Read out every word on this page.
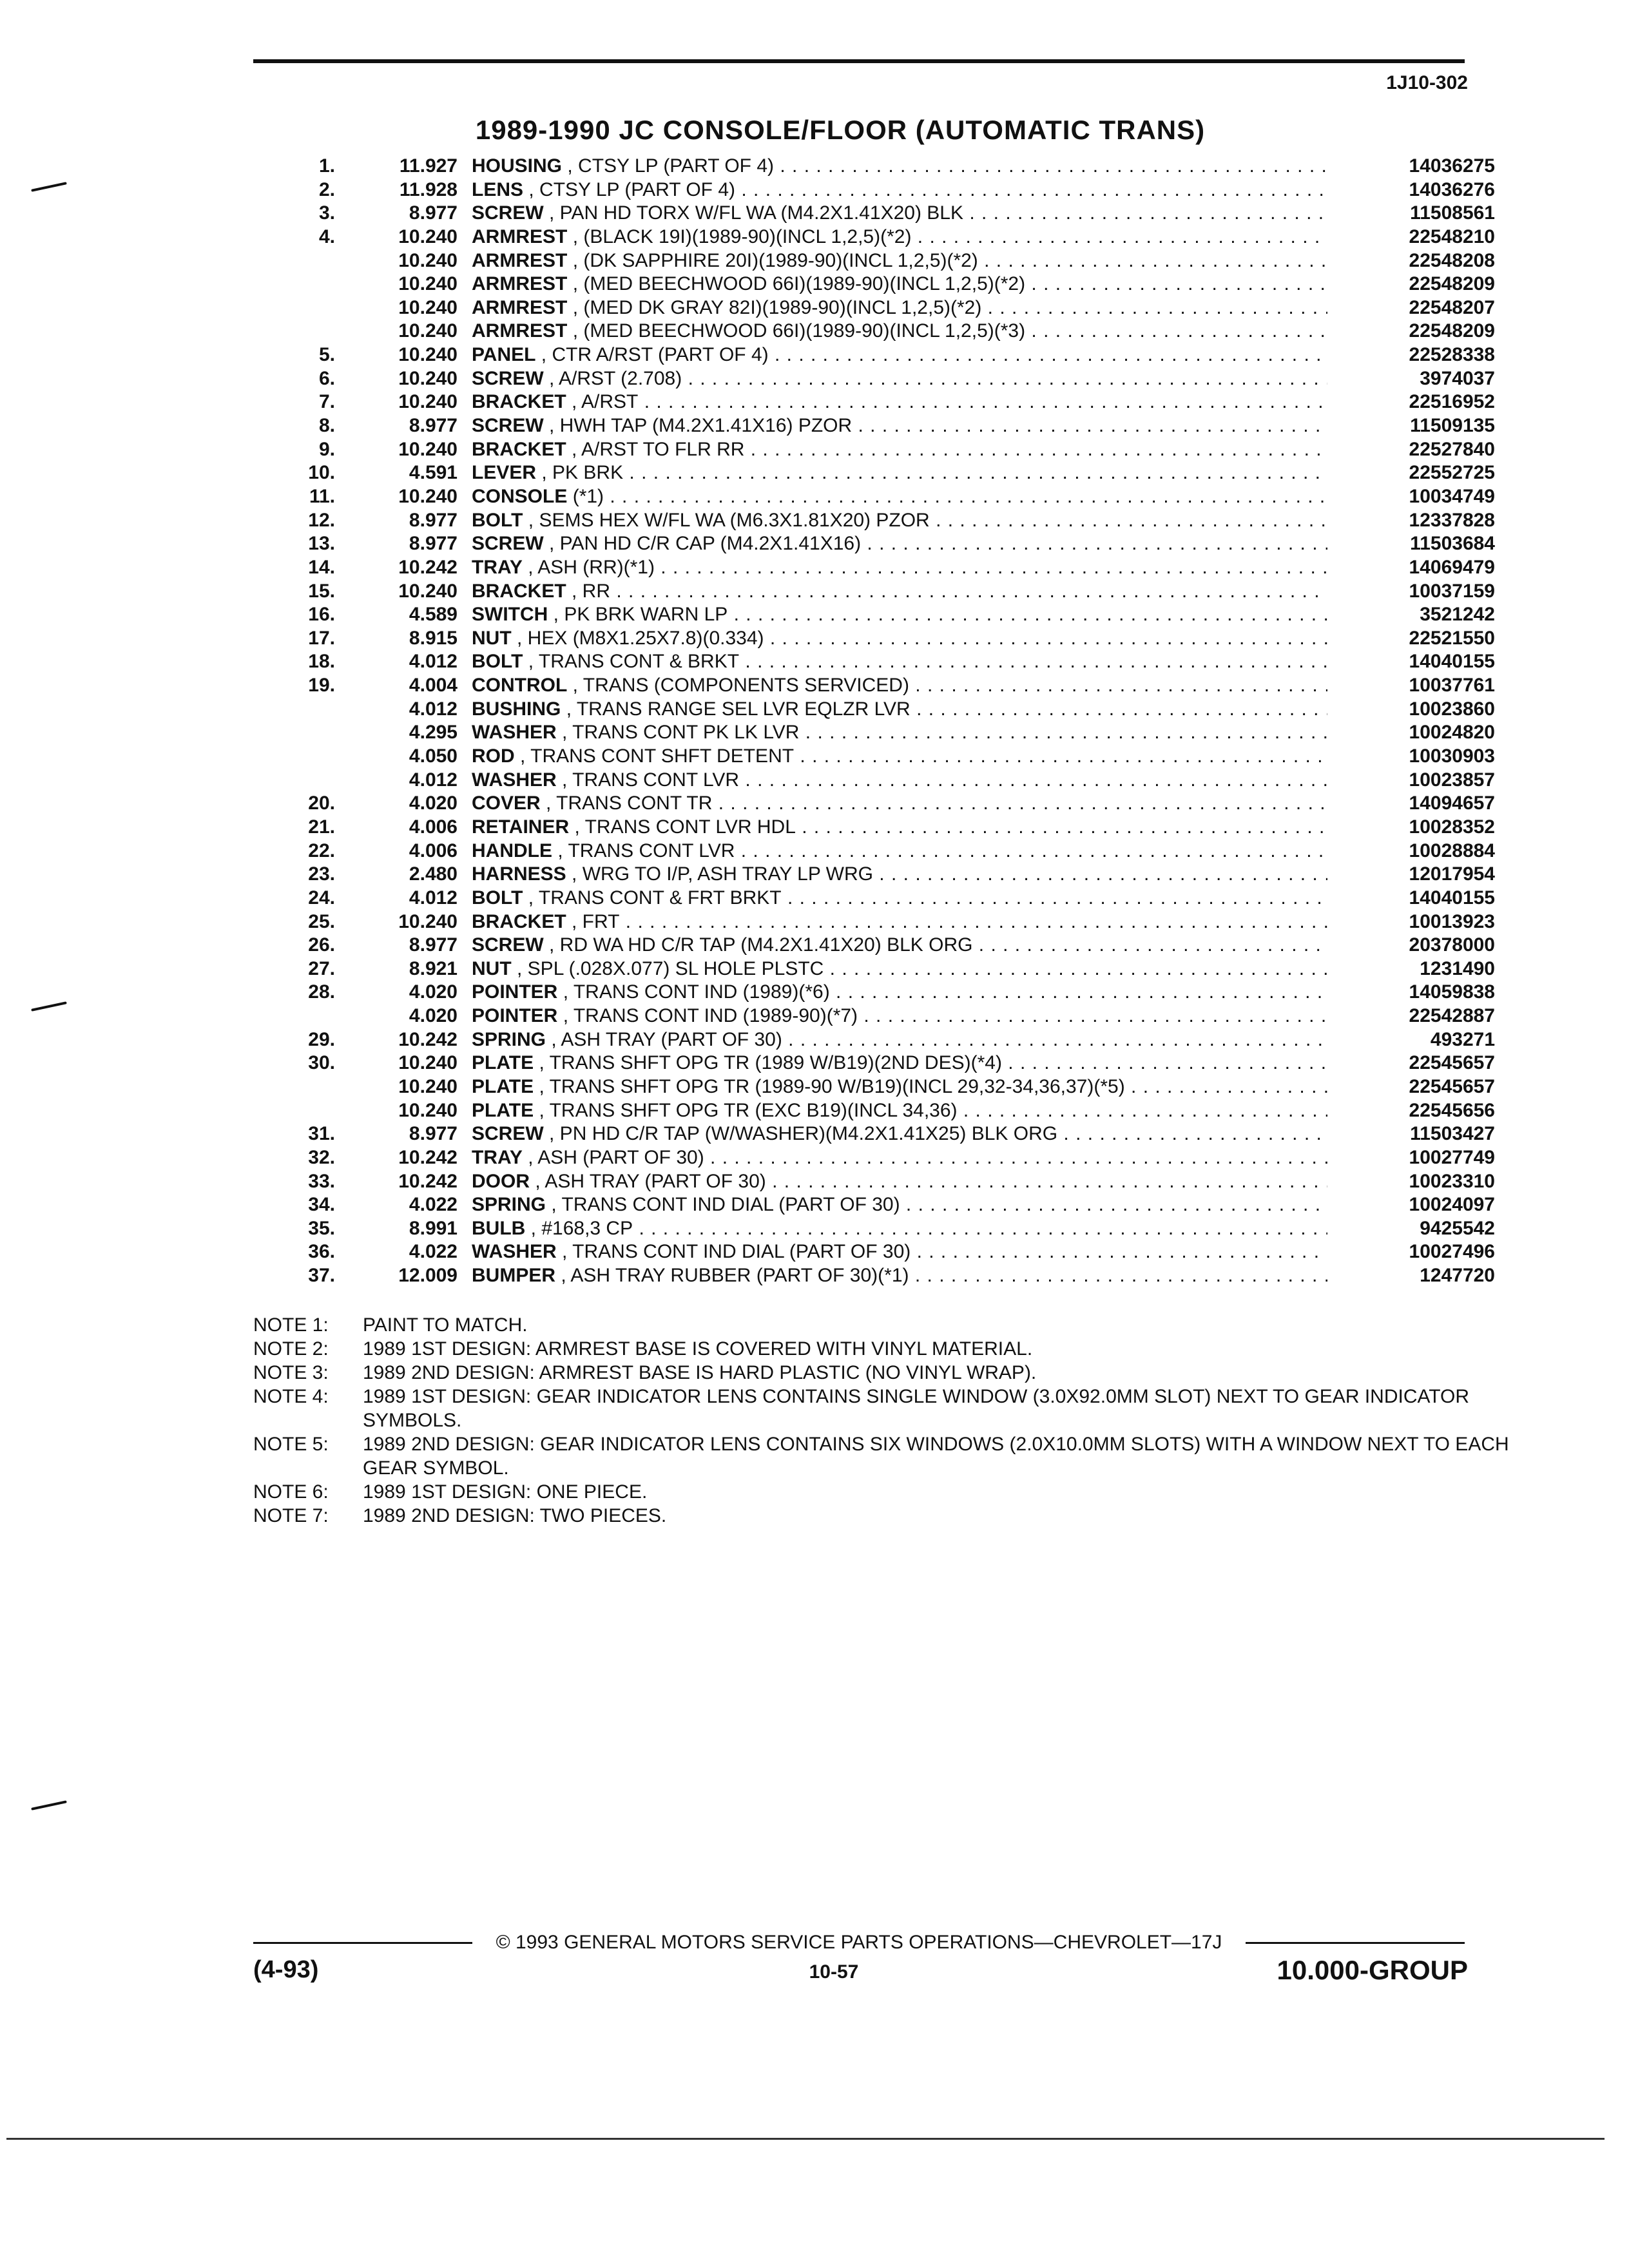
1J10-302
1989-1990 JC CONSOLE/FLOOR (AUTOMATIC TRANS)
1.	11.927 HOUSING , CTSY LP (PART OF 4) . . .	14036275
2.	11.928 LENS , CTSY LP (PART OF 4) . . .	14036276
3.	8.977 SCREW , PAN HD TORX W/FL WA (M4.2X1.41X20) BLK . . .	11508561
4.	10.240 ARMREST , (BLACK 19I)(1989-90)(INCL 1,2,5)(*2) . . .	22548210
10.240 ARMREST , (DK SAPPHIRE 20I)(1989-90)(INCL 1,2,5)(*2) . . .	22548208
10.240 ARMREST , (MED BEECHWOOD 66I)(1989-90)(INCL 1,2,5)(*2) . . .	22548209
10.240 ARMREST , (MED DK GRAY 82I)(1989-90)(INCL 1,2,5)(*2) . . .	22548207
10.240 ARMREST , (MED BEECHWOOD 66I)(1989-90)(INCL 1,2,5)(*3) . . .	22548209
5.	10.240 PANEL , CTR A/RST (PART OF 4) . . .	22528338
6.	10.240 SCREW , A/RST (2.708) . . .	3974037
7.	10.240 BRACKET , A/RST . . .	22516952
8.	8.977 SCREW , HWH TAP (M4.2X1.41X16) PZOR . . .	11509135
9.	10.240 BRACKET , A/RST TO FLR RR . . .	22527840
10.	4.591 LEVER , PK BRK . . .	22552725
11.	10.240 CONSOLE (*1) . . .	10034749
12.	8.977 BOLT , SEMS HEX W/FL WA (M6.3X1.81X20) PZOR . . .	12337828
13.	8.977 SCREW , PAN HD C/R CAP (M4.2X1.41X16) . . .	11503684
14.	10.242 TRAY , ASH (RR)(*1) . . .	14069479
15.	10.240 BRACKET , RR . . .	10037159
16.	4.589 SWITCH , PK BRK WARN LP . . .	3521242
17.	8.915 NUT , HEX (M8X1.25X7.8)(0.334) . . .	22521550
18.	4.012 BOLT , TRANS CONT & BRKT . . .	14040155
19.	4.004 CONTROL , TRANS (COMPONENTS SERVICED) . . .	10037761
4.012 BUSHING , TRANS RANGE SEL LVR EQLZR LVR . . .	10023860
4.295 WASHER , TRANS CONT PK LK LVR . . .	10024820
4.050 ROD , TRANS CONT SHFT DETENT . . .	10030903
4.012 WASHER , TRANS CONT LVR . . .	10023857
20.	4.020 COVER , TRANS CONT TR . . .	14094657
21.	4.006 RETAINER , TRANS CONT LVR HDL . . .	10028352
22.	4.006 HANDLE , TRANS CONT LVR . . .	10028884
23.	2.480 HARNESS , WRG TO I/P, ASH TRAY LP WRG . . .	12017954
24.	4.012 BOLT , TRANS CONT & FRT BRKT . . .	14040155
25.	10.240 BRACKET , FRT . . .	10013923
26.	8.977 SCREW , RD WA HD C/R TAP (M4.2X1.41X20) BLK ORG . . .	20378000
27.	8.921 NUT , SPL (.028X.077) SL HOLE PLSTC . . .	1231490
28.	4.020 POINTER , TRANS CONT IND (1989)(*6) . . .	14059838
4.020 POINTER , TRANS CONT IND (1989-90)(*7) . . .	22542887
29.	10.242 SPRING , ASH TRAY (PART OF 30) . . .	493271
30.	10.240 PLATE , TRANS SHFT OPG TR (1989 W/B19)(2ND DES)(*4) . . .	22545657
10.240 PLATE , TRANS SHFT OPG TR (1989-90 W/B19)(INCL 29,32-34,36,37)(*5) . . .	22545657
10.240 PLATE , TRANS SHFT OPG TR (EXC B19)(INCL 34,36) . . .	22545656
31.	8.977 SCREW , PN HD C/R TAP (W/WASHER)(M4.2X1.41X25) BLK ORG . . .	11503427
32.	10.242 TRAY , ASH (PART OF 30) . . .	10027749
33.	10.242 DOOR , ASH TRAY (PART OF 30) . . .	10023310
34.	4.022 SPRING , TRANS CONT IND DIAL (PART OF 30) . . .	10024097
35.	8.991 BULB , #168,3 CP . . .	9425542
36.	4.022 WASHER , TRANS CONT IND DIAL (PART OF 30) . . .	10027496
37.	12.009 BUMPER , ASH TRAY RUBBER (PART OF 30)(*1) . . .	1247720
NOTE 1:	PAINT TO MATCH.
NOTE 2:	1989 1ST DESIGN: ARMREST BASE IS COVERED WITH VINYL MATERIAL.
NOTE 3:	1989 2ND DESIGN: ARMREST BASE IS HARD PLASTIC (NO VINYL WRAP).
NOTE 4:	1989 1ST DESIGN: GEAR INDICATOR LENS CONTAINS SINGLE WINDOW (3.0X92.0MM SLOT) NEXT TO GEAR INDICATOR SYMBOLS.
NOTE 5:	1989 2ND DESIGN: GEAR INDICATOR LENS CONTAINS SIX WINDOWS (2.0X10.0MM SLOTS) WITH A WINDOW NEXT TO EACH GEAR SYMBOL.
NOTE 6:	1989 1ST DESIGN: ONE PIECE.
NOTE 7:	1989 2ND DESIGN: TWO PIECES.
© 1993 GENERAL MOTORS SERVICE PARTS OPERATIONS—CHEVROLET—17J
(4-93)	10-57	10.000-GROUP
